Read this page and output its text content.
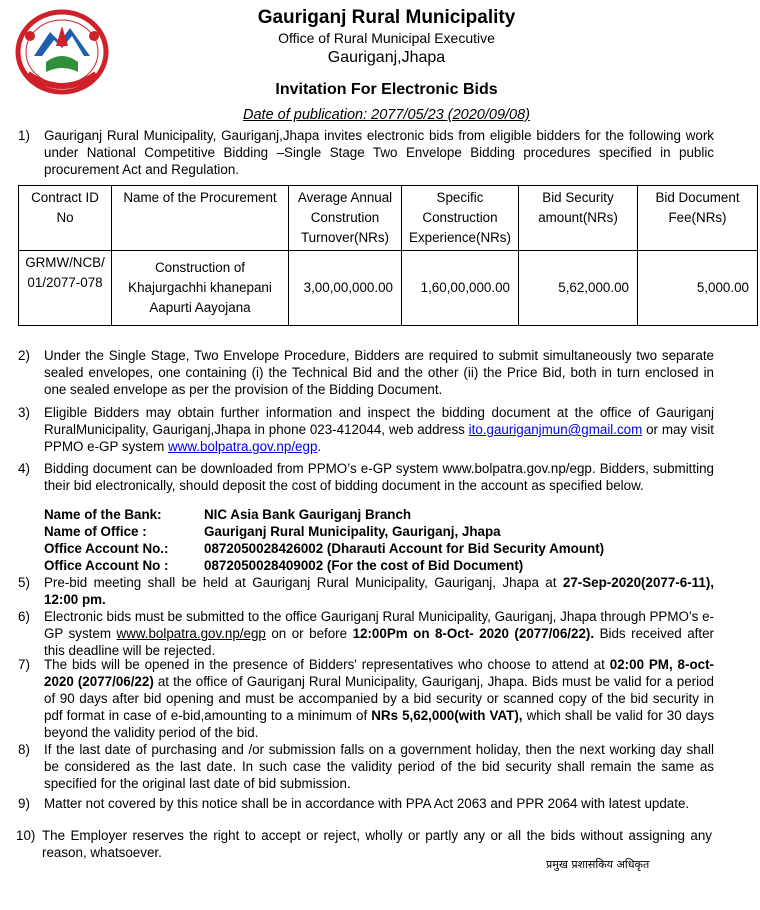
Gauriganj Rural Municipality
Office of Rural Municipal Executive
Gauriganj,Jhapa
Invitation For Electronic Bids
Date of publication: 2077/05/23 (2020/09/08)
1)	Gauriganj Rural Municipality, Gauriganj,Jhapa invites electronic bids from eligible bidders for the following work under National Competitive Bidding –Single Stage Two Envelope Bidding procedures specified in public procurement Act and Regulation.
Contract ID No	Name of the Procurement	Average Annual Constrution Turnover(NRs)	Specific Construction Experience(NRs)	Bid Security amount(NRs)	Bid Document Fee(NRs)
GRMW/NCB/ 01/2077-078	Construction of Khajurgachhi khanepani Aapurti Aayojana	3,00,00,000.00	1,60,00,000.00	5,62,000.00	5,000.00
2)	Under the Single Stage, Two Envelope Procedure, Bidders are required to submit simultaneously two separate sealed envelopes, one containing (i) the Technical Bid and the other (ii) the Price Bid, both in turn enclosed in one sealed envelope as per the provision of the Bidding Document.
3)	Eligible Bidders may obtain further information and inspect the bidding document at the office of Gauriganj RuralMunicipality, Gauriganj,Jhapa in phone 023-412044, web address ito.gauriganjmun@gmail.com or may visit PPMO e-GP system www.bolpatra.gov.np/egp.
4)	Bidding document can be downloaded from PPMO’s e-GP system www.bolpatra.gov.np/egp. Bidders, submitting their bid electronically, should deposit the cost of bidding document in the account as specified below.
Name of the Bank:	NIC Asia Bank Gauriganj Branch
Name of Office :	Gauriganj Rural Municipality, Gauriganj, Jhapa
Office Account No.:	0872050028426002 (Dharauti Account for Bid Security Amount)
Office Account No :	0872050028409002 (For the cost of Bid Document)
5)	Pre-bid meeting shall be held at Gauriganj Rural Municipality, Gauriganj, Jhapa at 27-Sep-2020(2077-6-11), 12:00 pm.
6)	Electronic bids must be submitted to the office Gauriganj Rural Municipality, Gauriganj, Jhapa through PPMO’s e-GP system www.bolpatra.gov.np/egp on or before 12:00Pm on 8-Oct- 2020 (2077/06/22). Bids received after this deadline will be rejected.
7)	The bids will be opened in the presence of Bidders' representatives who choose to attend at 02:00 PM, 8-oct-2020 (2077/06/22) at the office of Gauriganj Rural Municipality, Gauriganj, Jhapa. Bids must be valid for a period of 90 days after bid opening and must be accompanied by a bid security or scanned copy of the bid security in pdf format in case of e-bid,amounting to a minimum of NRs 5,62,000(with VAT), which shall be valid for 30 days beyond the validity period of the bid.
8)	If the last date of purchasing and /or submission falls on a government holiday, then the next working day shall be considered as the last date. In such case the validity period of the bid security shall remain the same as specified for the original last date of bid submission.
9)	Matter not covered by this notice shall be in accordance with PPA Act 2063 and PPR 2064 with latest update.
10) The Employer reserves the right to accept or reject, wholly or partly any or all the bids without assigning any reason, whatsoever.
प्रमुख प्रशासकिय अधिकृत
